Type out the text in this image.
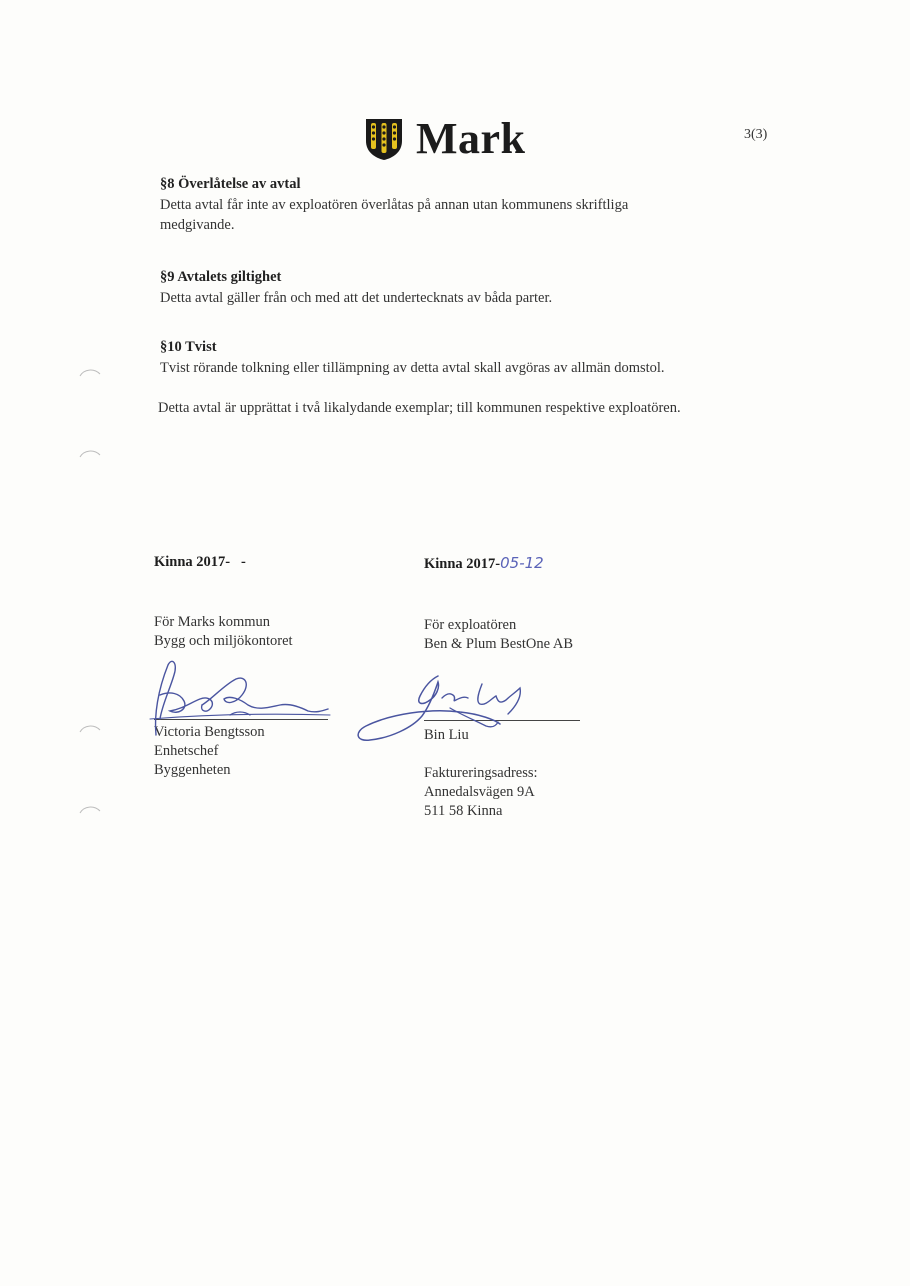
Mark	3(3)

§8 Överlåtelse av avtal

Detta avtal får inte av exploatören överlåtas på annan utan kommunens skriftliga medgivande.

§9 Avtalets giltighet

Detta avtal gäller från och med att det undertecknats av båda parter.

§10 Tvist

Tvist rörande tolkning eller tillämpning av detta avtal skall avgöras av allmän domstol.

Detta avtal är upprättat i två likalydande exemplar; till kommunen respektive exploatören.
Kinna 2017-   -	Kinna 2017-05-12
För Marks kommun
Bygg och miljökontoret
För exploatören
Ben & Plum BestOne AB
Victoria Bengtsson
Enhetschef
Byggenheten
Bin Liu
Faktureringsadress:
Annedalsvägen 9A
511 58 Kinna
